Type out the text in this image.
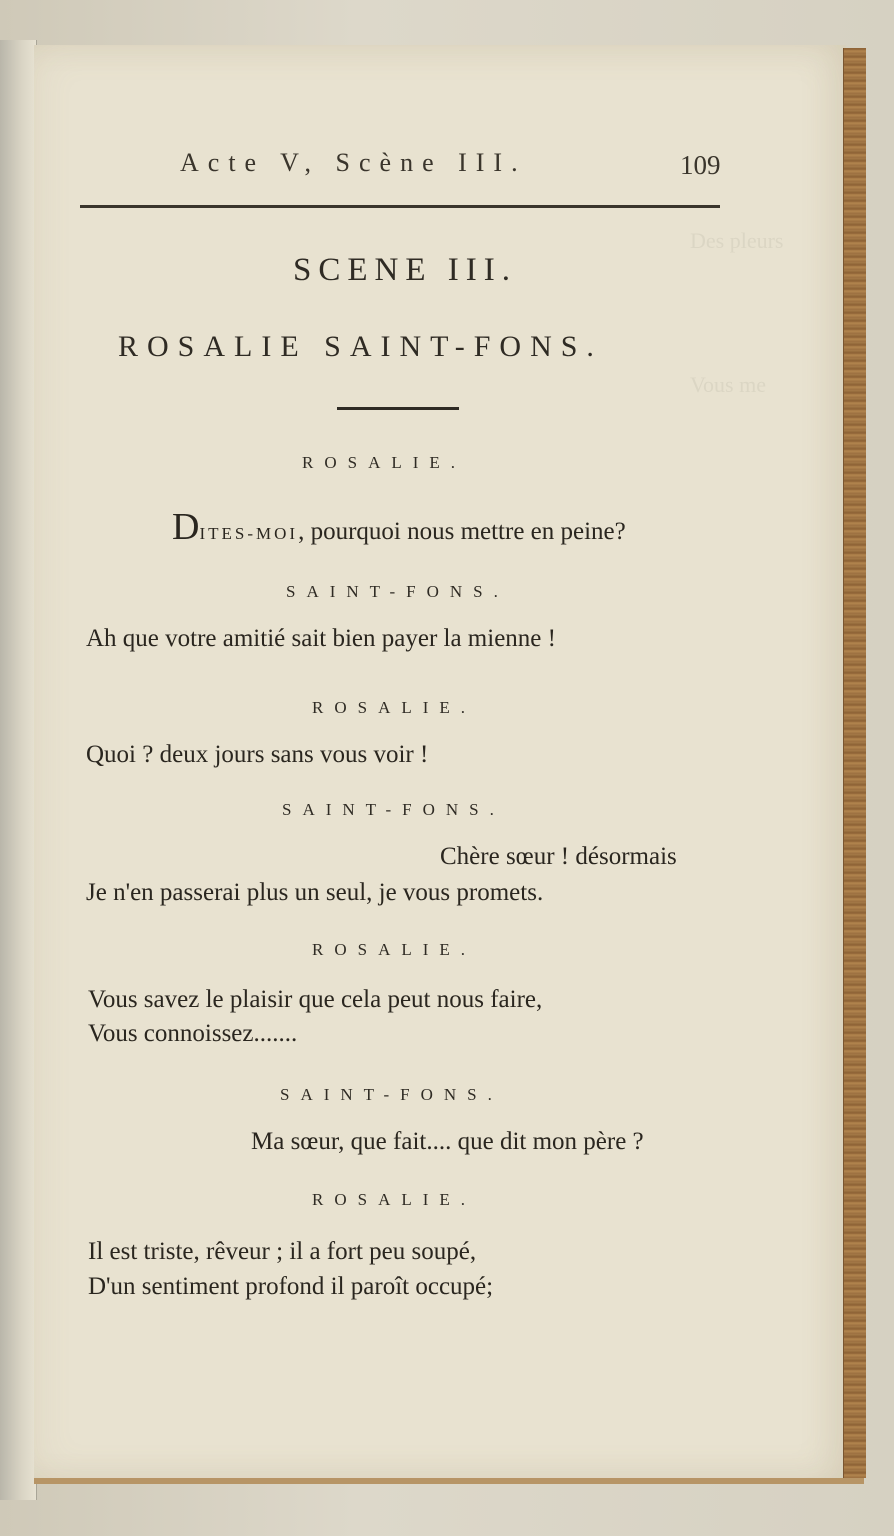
Des pleurs
Vous me
Acte V, Scène III.	109
SCENE III.
ROSALIE SAINT-FONS.
ROSALIE.
DITES-MOI, pourquoi nous mettre en peine?
SAINT-FONS.
Ah que votre amitié sait bien payer la mienne !
ROSALIE.
Quoi ? deux jours sans vous voir !
SAINT-FONS.
Chère sœur ! désormais
Je n'en passerai plus un seul, je vous promets.
ROSALIE.
Vous savez le plaisir que cela peut nous faire,
Vous connoissez.......
SAINT-FONS.
Ma sœur, que fait.... que dit mon père ?
ROSALIE.
Il est triste, rêveur ; il a fort peu soupé,
D'un sentiment profond il paroît occupé;
